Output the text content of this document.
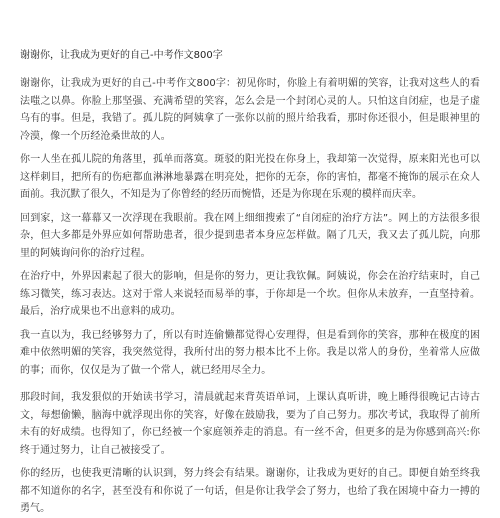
谢谢你，让我成为更好的自己-中考作文800字

谢谢你，让我成为更好的自己-中考作文800字：初见你时，你脸上有着明媚的笑容，让我对这些人的看法嗤之以鼻。你脸上那坚强、充满希望的笑容，怎么会是一个封闭心灵的人。只怕这自闭症，也是子虚乌有的事。但是，我错了。孤儿院的阿姨拿了一张你以前的照片给我看，那时你还很小，但是眼神里的冷漠，像一个历经沧桑世故的人。

你一人坐在孤儿院的角落里，孤单而落寞。斑驳的阳光投在你身上，我却第一次觉得，原来阳光也可以这样刺目，把所有的伤疤都血淋淋地暴露在明亮处，把你的无奈，你的害怕，都毫不掩饰的展示在众人面前。我沉默了很久，不知是为了你曾经的经历而惋惜，还是为你现在乐观的模样而庆幸。

回到家，这一幕幕又一次浮现在我眼前。我在网上细细搜索了“自闭症的治疗方法”。网上的方法很多很杂，但大多都是外界应如何帮助患者，很少提到患者本身应怎样做。隔了几天，我又去了孤儿院，向那里的阿姨询问你的治疗过程。

在治疗中，外界因素起了很大的影响，但是你的努力，更让我钦佩。阿姨说，你会在治疗结束时，自己练习微笑，练习表达。这对于常人来说轻而易举的事，于你却是一个坎。但你从未放弃，一直坚持着。最后，治疗成果也不出意料的成功。

我一直以为，我已经够努力了，所以有时连偷懒都觉得心安理得，但是看到你的笑容，那种在极度的困难中依然明媚的笑容，我突然觉得，我所付出的努力根本比不上你。我是以常人的身份，坐着常人应做的事；而你，仅仅是为了做一个常人，就已经用尽全力。

那段时间，我发狠似的开始读书学习，清晨就起来背英语单词，上课认真听讲，晚上睡得很晚记古诗古文，每想偷懒，脑海中就浮现出你的笑容，好像在鼓励我，要为了自己努力。那次考试，我取得了前所未有的好成绩。也得知了，你已经被一个家庭领养走的消息。有一丝不舍，但更多的是为你感到高兴:你终于通过努力，让自己被接受了。

你的经历，也使我更清晰的认识到，努力终会有结果。谢谢你，让我成为更好的自己。即便自始至终我都不知道你的名字，甚至没有和你说了一句话，但是你让我学会了努力，也给了我在困境中奋力一搏的勇气。
